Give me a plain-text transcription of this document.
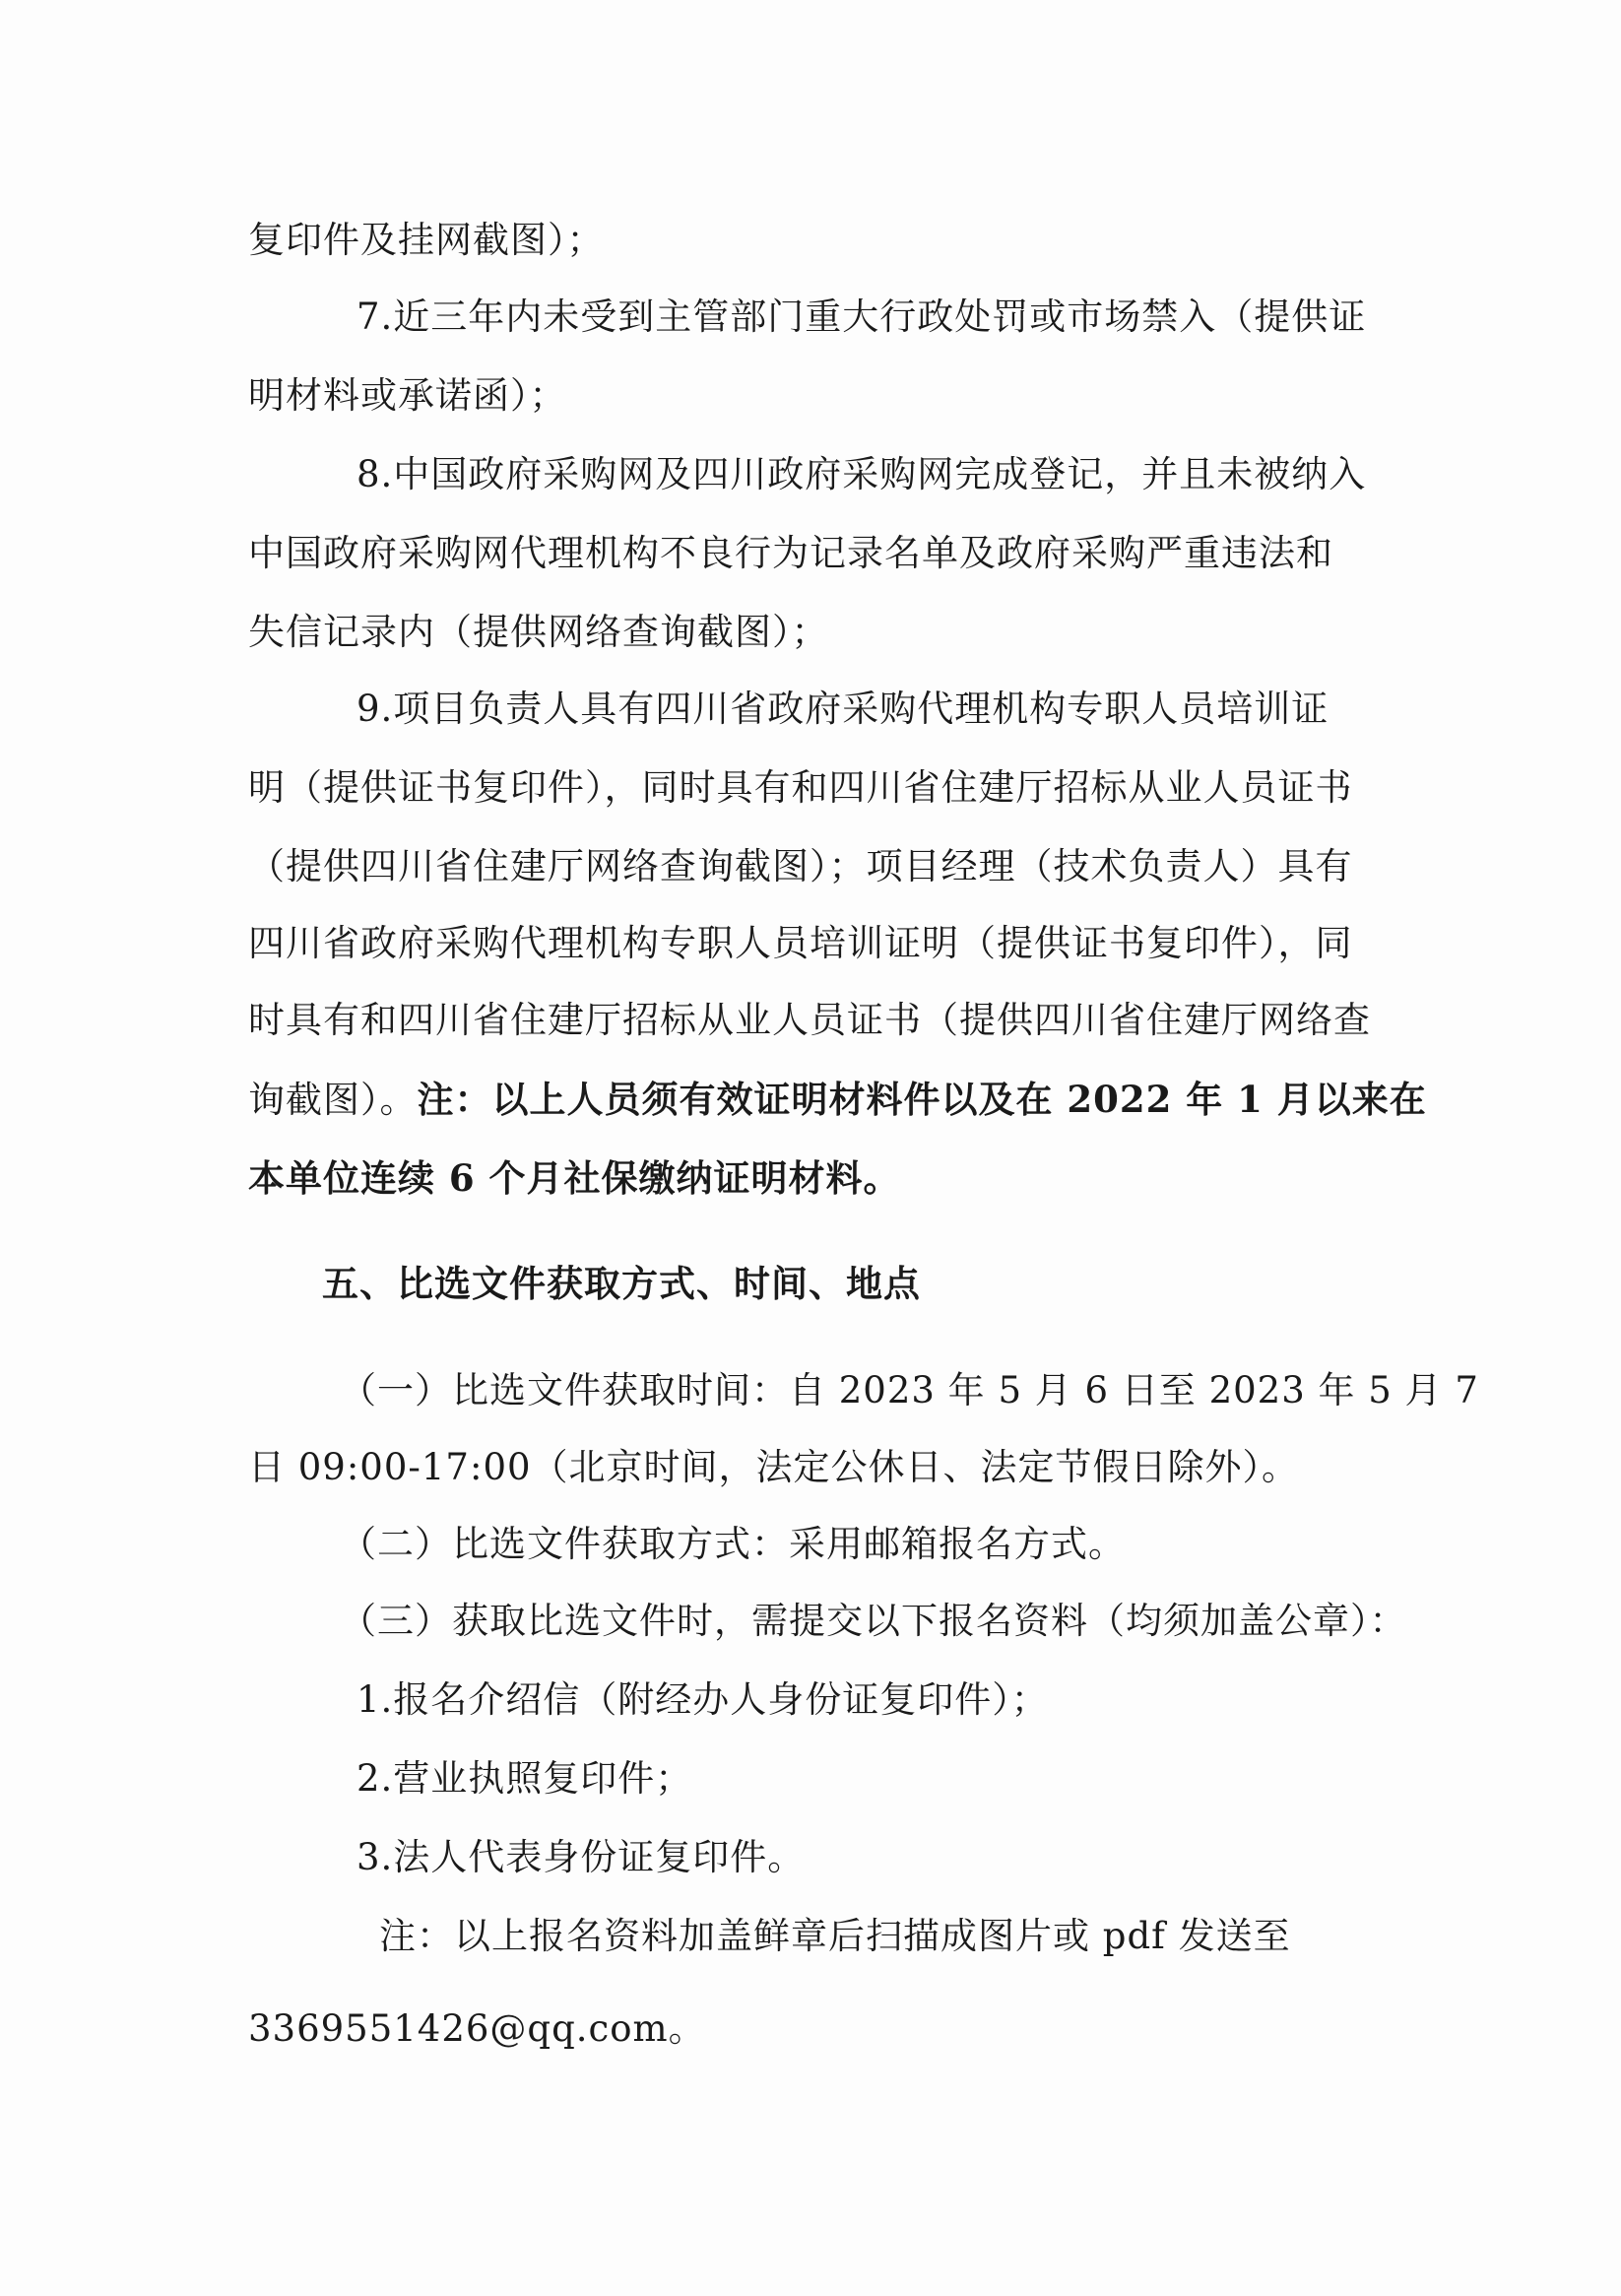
复印件及挂网截图）；
7.近三年内未受到主管部门重大行政处罚或市场禁入（提供证
明材料或承诺函）；
8.中国政府采购网及四川政府采购网完成登记，并且未被纳入
中国政府采购网代理机构不良行为记录名单及政府采购严重违法和
失信记录内（提供网络查询截图）；
9.项目负责人具有四川省政府采购代理机构专职人员培训证
明（提供证书复印件），同时具有和四川省住建厅招标从业人员证书
（提供四川省住建厅网络查询截图）；项目经理（技术负责人）具有
四川省政府采购代理机构专职人员培训证明（提供证书复印件），同
时具有和四川省住建厅招标从业人员证书（提供四川省住建厅网络查
询截图）。注：以上人员须有效证明材料件以及在 2022 年 1 月以来在
本单位连续 6 个月社保缴纳证明材料。
五、比选文件获取方式、时间、地点
（一）比选文件获取时间：自 2023 年 5 月 6 日至 2023 年 5 月 7
日 09:00-17:00（北京时间，法定公休日、法定节假日除外）。
（二）比选文件获取方式：采用邮箱报名方式。
（三）获取比选文件时，需提交以下报名资料（均须加盖公章）：
1.报名介绍信（附经办人身份证复印件）；
2.营业执照复印件；
3.法人代表身份证复印件。
注：以上报名资料加盖鲜章后扫描成图片或 pdf 发送至
3369551426@qq.com。
